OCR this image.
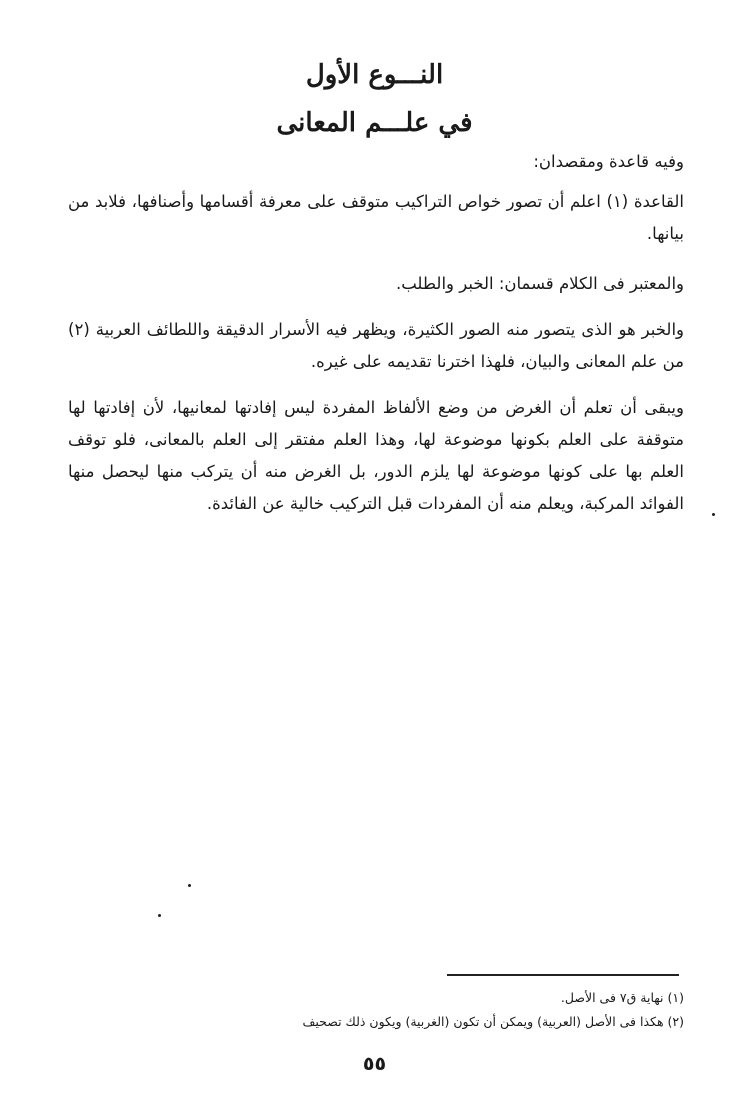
النـــوع الأول
في علـــم المعانى
وفيه قاعدة ومقصدان:
القاعدة (١) اعلم أن تصور خواص التراكيب متوقف على معرفة أقسامها وأصنافها، فلابد من بيانها.
والمعتبر فى الكلام قسمان: الخبر والطلب.
والخبر هو الذى يتصور منه الصور الكثيرة، ويظهر فيه الأسرار الدقيقة واللطائف العربية (٢) من علم المعانى والبيان، فلهذا اخترنا تقديمه على غيره.
ويبقى أن تعلم أن الغرض من وضع الألفاظ المفردة ليس إفادتها لمعانيها، لأن إفادتها لها متوقفة على العلم بكونها موضوعة لها، وهذا العلم مفتقر إلى العلم بالمعانى، فلو توقف العلم بها على كونها موضوعة لها يلزم الدور، بل الغرض منه أن يتركب منها ليحصل منها الفوائد المركبة، ويعلم منه أن المفردات قبل التركيب خالية عن الفائدة.
(١) نهاية ق٧ فى الأصل.
(٢) هكذا فى الأصل (العربية) ويمكن أن تكون (الغربية) ويكون ذلك تصحيف
٥٥
